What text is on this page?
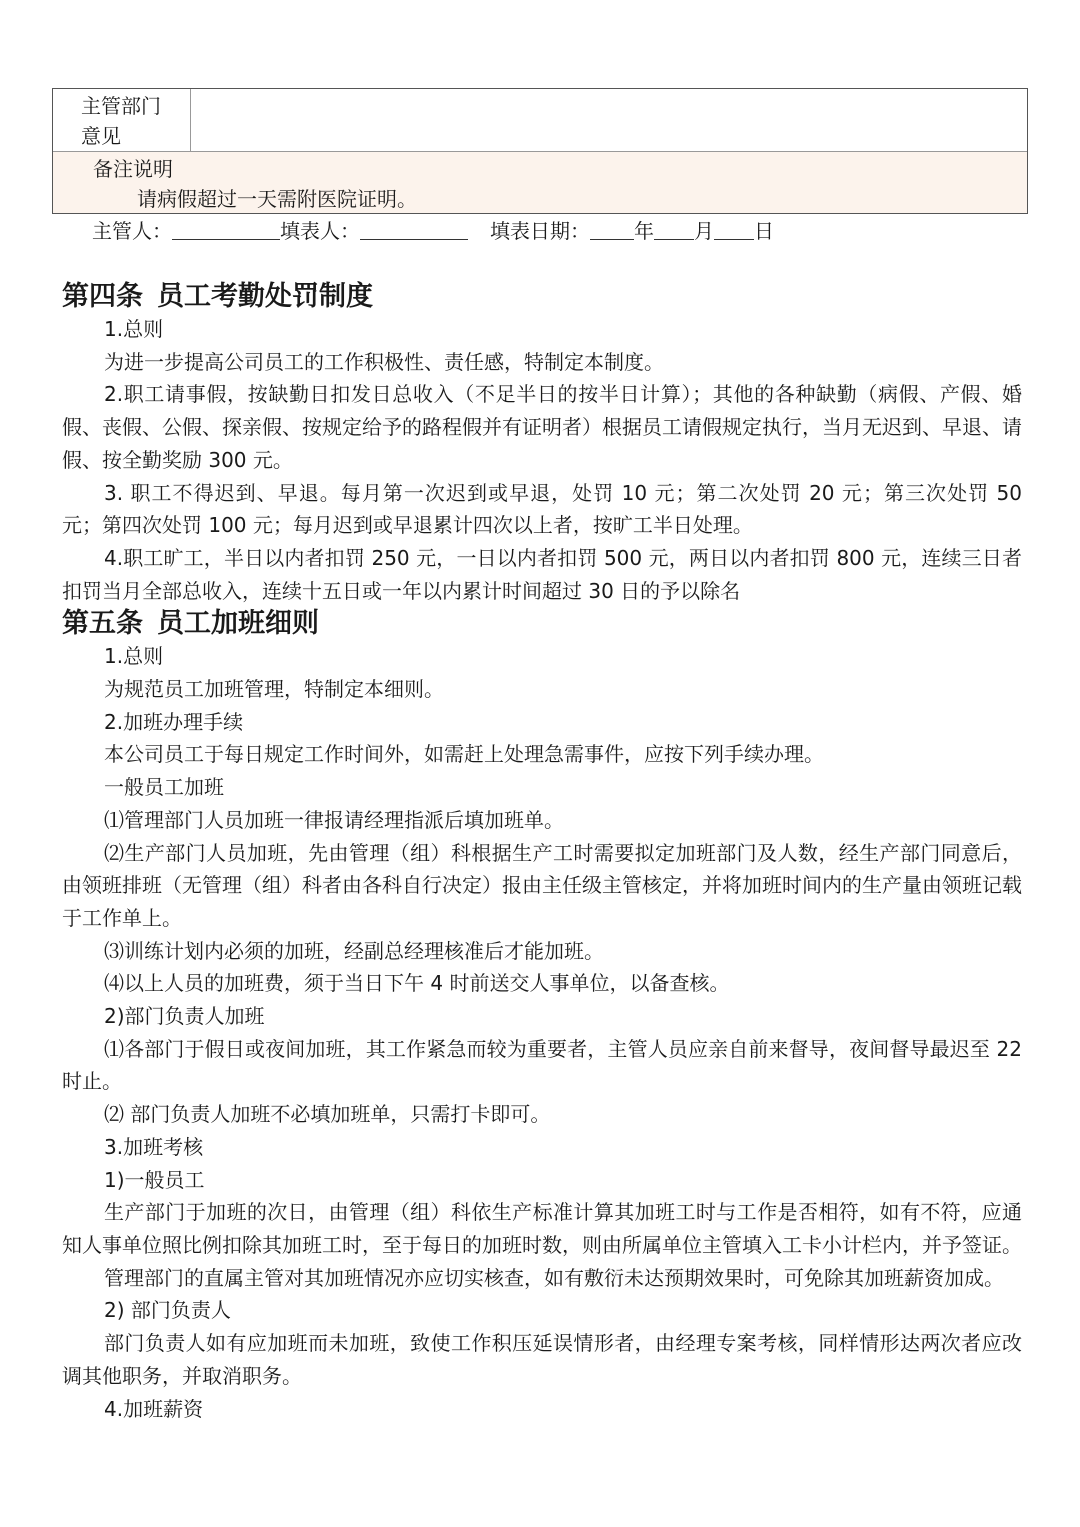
主管部门
意见
备注说明
请病假超过一天需附医院证明。
主管人：	填表人：	填表日期： 年 月 日
第四条 员工考勤处罚制度

1.总则

为进一步提高公司员工的工作积极性、责任感，特制定本制度。

2.职工请事假，按缺勤日扣发日总收入（不足半日的按半日计算）；其他的各种缺勤（病假、产假、婚假、丧假、公假、探亲假、按规定给予的路程假并有证明者）根据员工请假规定执行，当月无迟到、早退、请假、按全勤奖励 300 元。

3. 职工不得迟到、早退。每月第一次迟到或早退，处罚 10 元；第二次处罚 20 元；第三次处罚 50 元；第四次处罚 100 元；每月迟到或早退累计四次以上者，按旷工半日处理。

4.职工旷工，半日以内者扣罚 250 元，一日以内者扣罚 500 元，两日以内者扣罚 800 元，连续三日者扣罚当月全部总收入，连续十五日或一年以内累计时间超过 30 日的予以除名

第五条 员工加班细则

1.总则

为规范员工加班管理，特制定本细则。

2.加班办理手续

本公司员工于每日规定工作时间外，如需赶上处理急需事件，应按下列手续办理。

一般员工加班

⑴管理部门人员加班一律报请经理指派后填加班单。

⑵生产部门人员加班，先由管理（组）科根据生产工时需要拟定加班部门及人数，经生产部门同意后，由领班排班（无管理（组）科者由各科自行决定）报由主任级主管核定，并将加班时间内的生产量由领班记载于工作单上。

⑶训练计划内必须的加班，经副总经理核准后才能加班。

⑷以上人员的加班费，须于当日下午 4 时前送交人事单位，以备查核。

2)部门负责人加班

⑴各部门于假日或夜间加班，其工作紧急而较为重要者，主管人员应亲自前来督导，夜间督导最迟至 22 时止。

⑵ 部门负责人加班不必填加班单，只需打卡即可。

3.加班考核

1)一般员工

生产部门于加班的次日，由管理（组）科依生产标准计算其加班工时与工作是否相符，如有不符，应通知人事单位照比例扣除其加班工时，至于每日的加班时数，则由所属单位主管填入工卡小计栏内，并予签证。

管理部门的直属主管对其加班情况亦应切实核查，如有敷衍未达预期效果时，可免除其加班薪资加成。

2) 部门负责人

部门负责人如有应加班而未加班，致使工作积压延误情形者，由经理专案考核，同样情形达两次者应改调其他职务，并取消职务。

4.加班薪资
